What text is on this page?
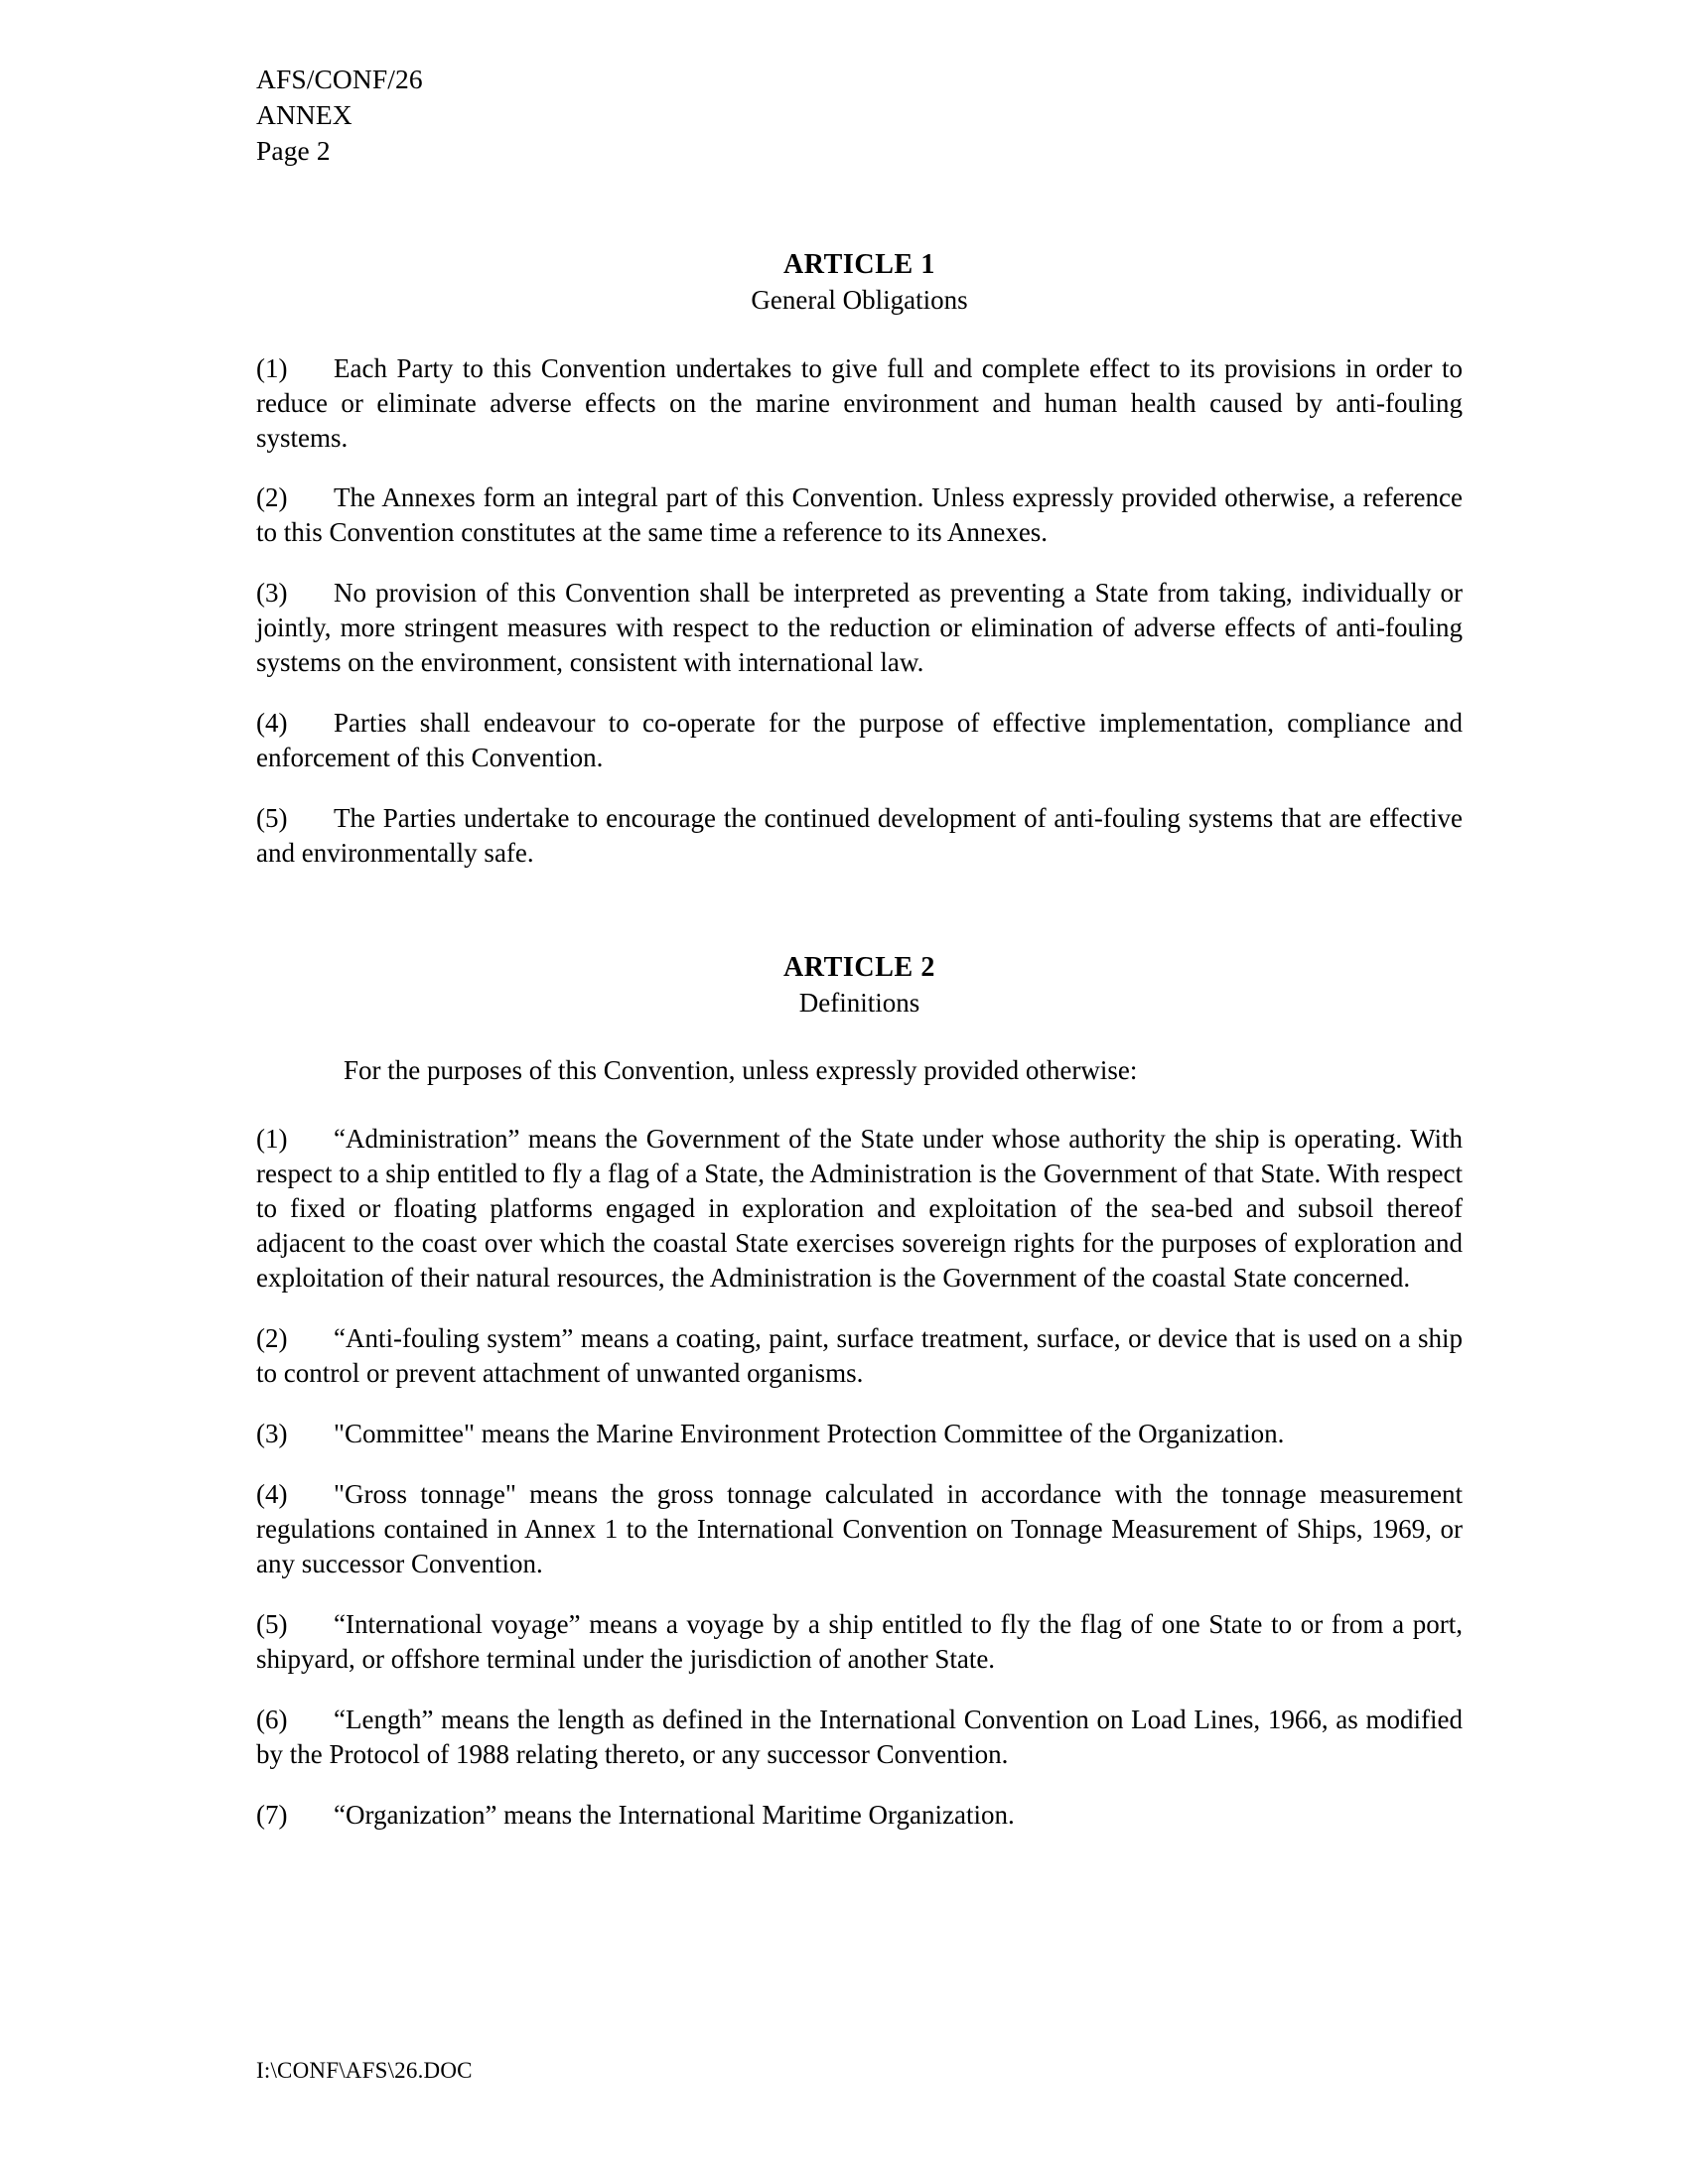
AFS/CONF/26
ANNEX
Page 2
ARTICLE 1
General Obligations

(1) Each Party to this Convention undertakes to give full and complete effect to its provisions in order to reduce or eliminate adverse effects on the marine environment and human health caused by anti-fouling systems.

(2) The Annexes form an integral part of this Convention. Unless expressly provided otherwise, a reference to this Convention constitutes at the same time a reference to its Annexes.

(3) No provision of this Convention shall be interpreted as preventing a State from taking, individually or jointly, more stringent measures with respect to the reduction or elimination of adverse effects of anti-fouling systems on the environment, consistent with international law.

(4) Parties shall endeavour to co-operate for the purpose of effective implementation, compliance and enforcement of this Convention.

(5) The Parties undertake to encourage the continued development of anti-fouling systems that are effective and environmentally safe.

ARTICLE 2
Definitions

For the purposes of this Convention, unless expressly provided otherwise:

(1) “Administration” means the Government of the State under whose authority the ship is operating. With respect to a ship entitled to fly a flag of a State, the Administration is the Government of that State. With respect to fixed or floating platforms engaged in exploration and exploitation of the sea-bed and subsoil thereof adjacent to the coast over which the coastal State exercises sovereign rights for the purposes of exploration and exploitation of their natural resources, the Administration is the Government of the coastal State concerned.

(2) “Anti-fouling system” means a coating, paint, surface treatment, surface, or device that is used on a ship to control or prevent attachment of unwanted organisms.

(3) "Committee" means the Marine Environment Protection Committee of the Organization.

(4) "Gross tonnage" means the gross tonnage calculated in accordance with the tonnage measurement regulations contained in Annex 1 to the International Convention on Tonnage Measurement of Ships, 1969, or any successor Convention.

(5) “International voyage” means a voyage by a ship entitled to fly the flag of one State to or from a port, shipyard, or offshore terminal under the jurisdiction of another State.

(6) “Length” means the length as defined in the International Convention on Load Lines, 1966, as modified by the Protocol of 1988 relating thereto, or any successor Convention.

(7) “Organization” means the International Maritime Organization.

I:\CONF\AFS\26.DOC
